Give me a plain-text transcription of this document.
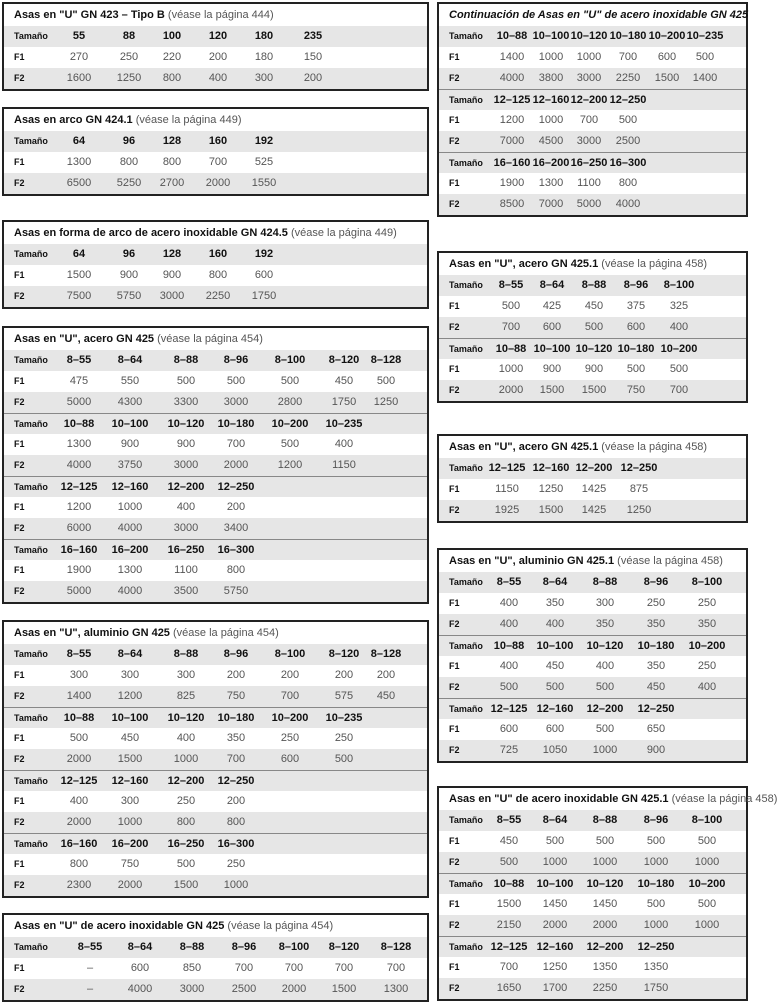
Asas en "U" GN 423 – Tipo B (véase la página 444)
Tamaño	55	88	100	120	180	235
F1	270	250	220	200	180	150
F2	1600	1250	800	400	300	200
Asas en arco GN 424.1 (véase la página 449)
Tamaño	64	96	128	160	192
F1	1300	800	800	700	525
F2	6500	5250	2700	2000	1550
Asas en forma de arco de acero inoxidable GN 424.5 (véase la página 449)
Tamaño	64	96	128	160	192
F1	1500	900	900	800	600
F2	7500	5750	3000	2250	1750
Asas en "U", acero GN 425 (véase la página 454)
Tamaño	8–55	8–64	8–88	8–96	8–100	8–120	8–128
F1	475	550	500	500	500	450	500
F2	5000	4300	3300	3000	2800	1750	1250
Tamaño	10–88	10–100	10–120	10–180	10–200	10–235
F1	1300	900	900	700	500	400
F2	4000	3750	3000	2000	1200	1150
Tamaño	12–125	12–160	12–200	12–250
F1	1200	1000	400	200
F2	6000	4000	3000	3400
Tamaño	16–160	16–200	16–250	16–300
F1	1900	1300	1100	800
F2	5000	4000	3500	5750
Asas en "U", aluminio GN 425 (véase la página 454)
Tamaño	8–55	8–64	8–88	8–96	8–100	8–120	8–128
F1	300	300	300	200	200	200	200
F2	1400	1200	825	750	700	575	450
Tamaño	10–88	10–100	10–120	10–180	10–200	10–235
F1	500	450	400	350	250	250
F2	2000	1500	1000	700	600	500
Tamaño	12–125	12–160	12–200	12–250
F1	400	300	250	200
F2	2000	1000	800	800
Tamaño	16–160	16–200	16–250	16–300
F1	800	750	500	250
F2	2300	2000	1500	1000
Asas en "U" de acero inoxidable GN 425 (véase la página 454)
Tamaño	8–55	8–64	8–88	8–96	8–100	8–120	8–128
F1	–	600	850	700	700	700	700
F2	–	4000	3000	2500	2000	1500	1300
Continuación de Asas en "U" de acero inoxidable GN 425
Tamaño	10–88 10–100 10–120 10–180 10–200 10–235
F1	1400	1000	1000	700	600	500
F2	4000	3800	3000	2250	1500	1400
Tamaño 12–125 12–160 12–200 12–250
F1	1200	1000	700	500
F2	7000	4500	3000	2500
Tamaño 16–160 16–200 16–250 16–300
F1	1900	1300	1100	800
F2	8500	7000	5000	4000
Asas en "U", acero GN 425.1 (véase la página 458)
Tamaño	8–55	8–64	8–88	8–96	8–100
F1	500	425	450	375	325
F2	700	600	500	600	400
Tamaño	10–88 10–100 10–120 10–180 10–200
F1	1000	900	900	500	500
F2	2000	1500	1500	750	700
Asas en "U", acero GN 425.1 (véase la página 458)
Tamaño 12–125 12–160 12–200 12–250
F1	1150	1250	1425	875
F2	1925	1500	1425	1250
Asas en "U", aluminio GN 425.1 (véase la página 458)
Tamaño	8–55	8–64	8–88	8–96	8–100
F1	400	350	300	250	250
F2	400	400	350	350	350
Tamaño 10–88	10–100	10–120	10–180	10–200
F1	400	450	400	350	250
F2	500	500	500	450	400
Tamaño 12–125 12–160	12–200	12–250
F1	600	600	500	650
F2	725	1050	1000	900
Asas en "U" de acero inoxidable GN 425.1 (véase la página 458)
Tamaño	8–55	8–64	8–88	8–96	8–100
F1	450	500	500	500	500
F2	500	1000	1000	1000	1000
Tamaño 10–88	10–100	10–120	10–180	10–200
F1	1500	1450	1450	500	500
F2	2150	2000	2000	1000	1000
Tamaño 12–125 12–160	12–200	12–250
F1	700	1250	1350	1350
F2	1650	1700	2250	1750
